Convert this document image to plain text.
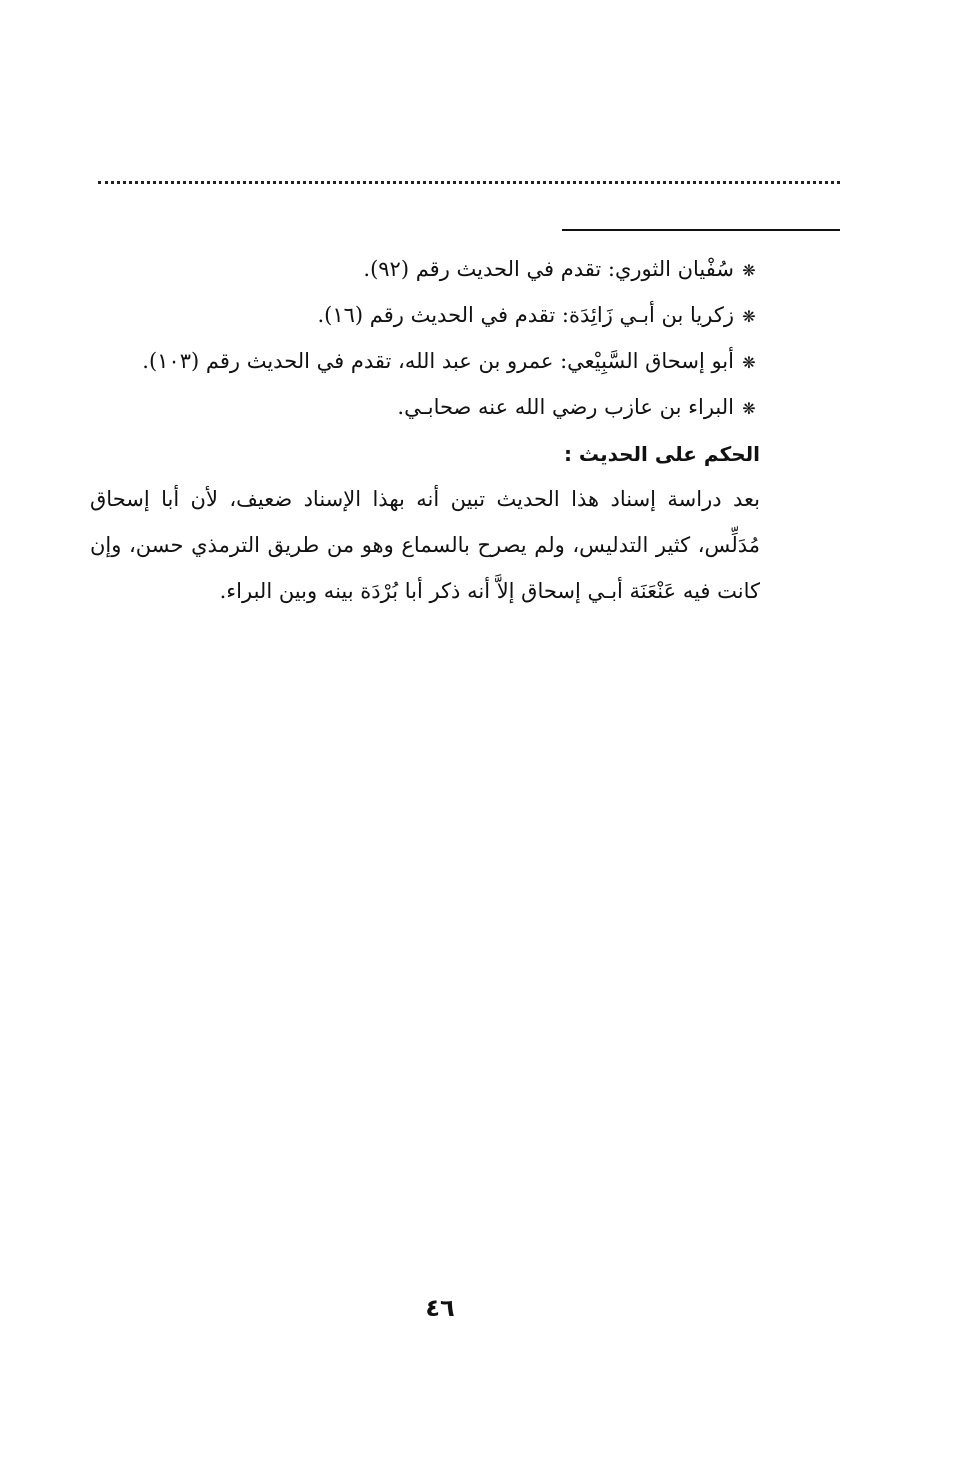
❋
سُفْيان الثوري: تقدم في الحديث رقم (٩٢).
❋
زكريا بن أبـي زَائِدَة: تقدم في الحديث رقم (١٦).
❋
أبو إسحاق السَّبِيْعي: عمرو بن عبد الله، تقدم في الحديث رقم (١٠٣).
❋
البراء بن عازب رضي الله عنه صحابـي.
الحكم على الحديث :
بعد دراسة إسناد هذا الحديث تبين أنه بهذا الإسناد ضعيف، لأن أبا إسحاق مُدَلِّس، كثير التدليس، ولم يصرح بالسماع وهو من طريق الترمذي حسن، وإن كانت فيه عَنْعَنَة أبـي إسحاق إلاَّ أنه ذكر أبا بُرْدَة بينه وبين البراء.
٤٦
